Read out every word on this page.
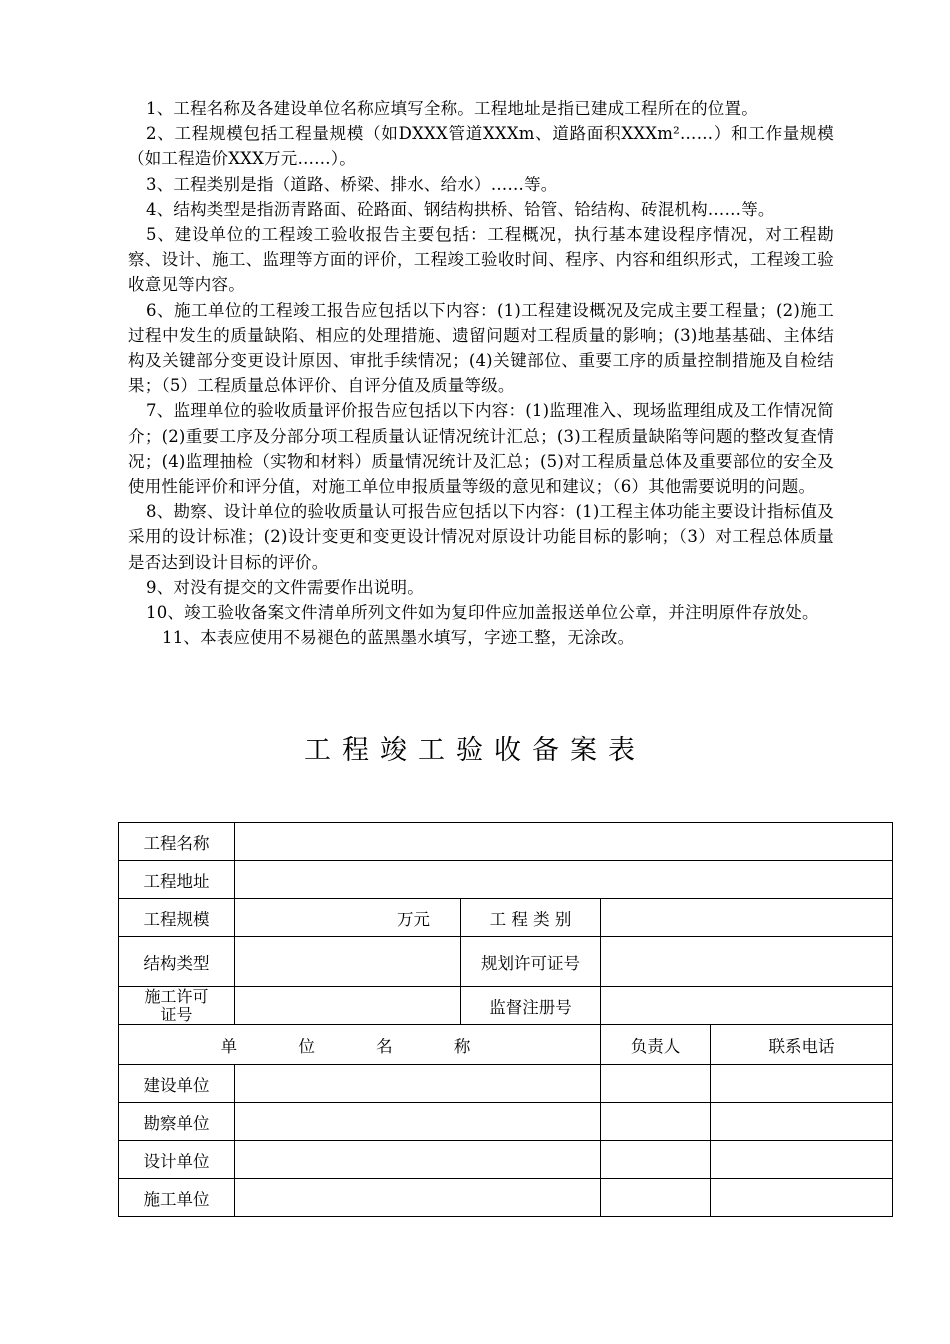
1、工程名称及各建设单位名称应填写全称。工程地址是指已建成工程所在的位置。

2、工程规模包括工程量规模（如DXXX管道XXXm、道路面积XXXm²……）和工作量规模（如工程造价XXX万元……）。

3、工程类别是指（道路、桥梁、排水、给水）……等。

4、结构类型是指沥青路面、砼路面、钢结构拱桥、铪管、铪结构、砖混机构……等。

5、建设单位的工程竣工验收报告主要包括：工程概况，执行基本建设程序情况，对工程勘察、设计、施工、监理等方面的评价，工程竣工验收时间、程序、内容和组织形式，工程竣工验收意见等内容。

6、施工单位的工程竣工报告应包括以下内容：(1)工程建设概况及完成主要工程量；(2)施工过程中发生的质量缺陷、相应的处理措施、遗留问题对工程质量的影响；(3)地基基础、主体结构及关键部分变更设计原因、审批手续情况；(4)关键部位、重要工序的质量控制措施及自检结果；（5）工程质量总体评价、自评分值及质量等级。

7、监理单位的验收质量评价报告应包括以下内容：(1)监理准入、现场监理组成及工作情况简介；(2)重要工序及分部分项工程质量认证情况统计汇总；(3)工程质量缺陷等问题的整改复查情况；(4)监理抽检（实物和材料）质量情况统计及汇总；(5)对工程质量总体及重要部位的安全及使用性能评价和评分值，对施工单位申报质量等级的意见和建议；（6）其他需要说明的问题。

8、勘察、设计单位的验收质量认可报告应包括以下内容：(1)工程主体功能主要设计指标值及采用的设计标准；(2)设计变更和变更设计情况对原设计功能目标的影响；（3）对工程总体质量是否达到设计目标的评价。

9、对没有提交的文件需要作出说明。

10、竣工验收备案文件清单所列文件如为复印件应加盖报送单位公章，并注明原件存放处。

11、本表应使用不易褪色的蓝黑墨水填写，字迹工整，无涂改。

工程竣工验收备案表
工程名称				
工程地址				
工程规模	万元	工 程 类 别		
结构类型		规划许可证号		

施工许可
证号		监督注册号		
单 位 名 称			负责人	联系电话
建设单位				
勘察单位				
设计单位				
施工单位				
